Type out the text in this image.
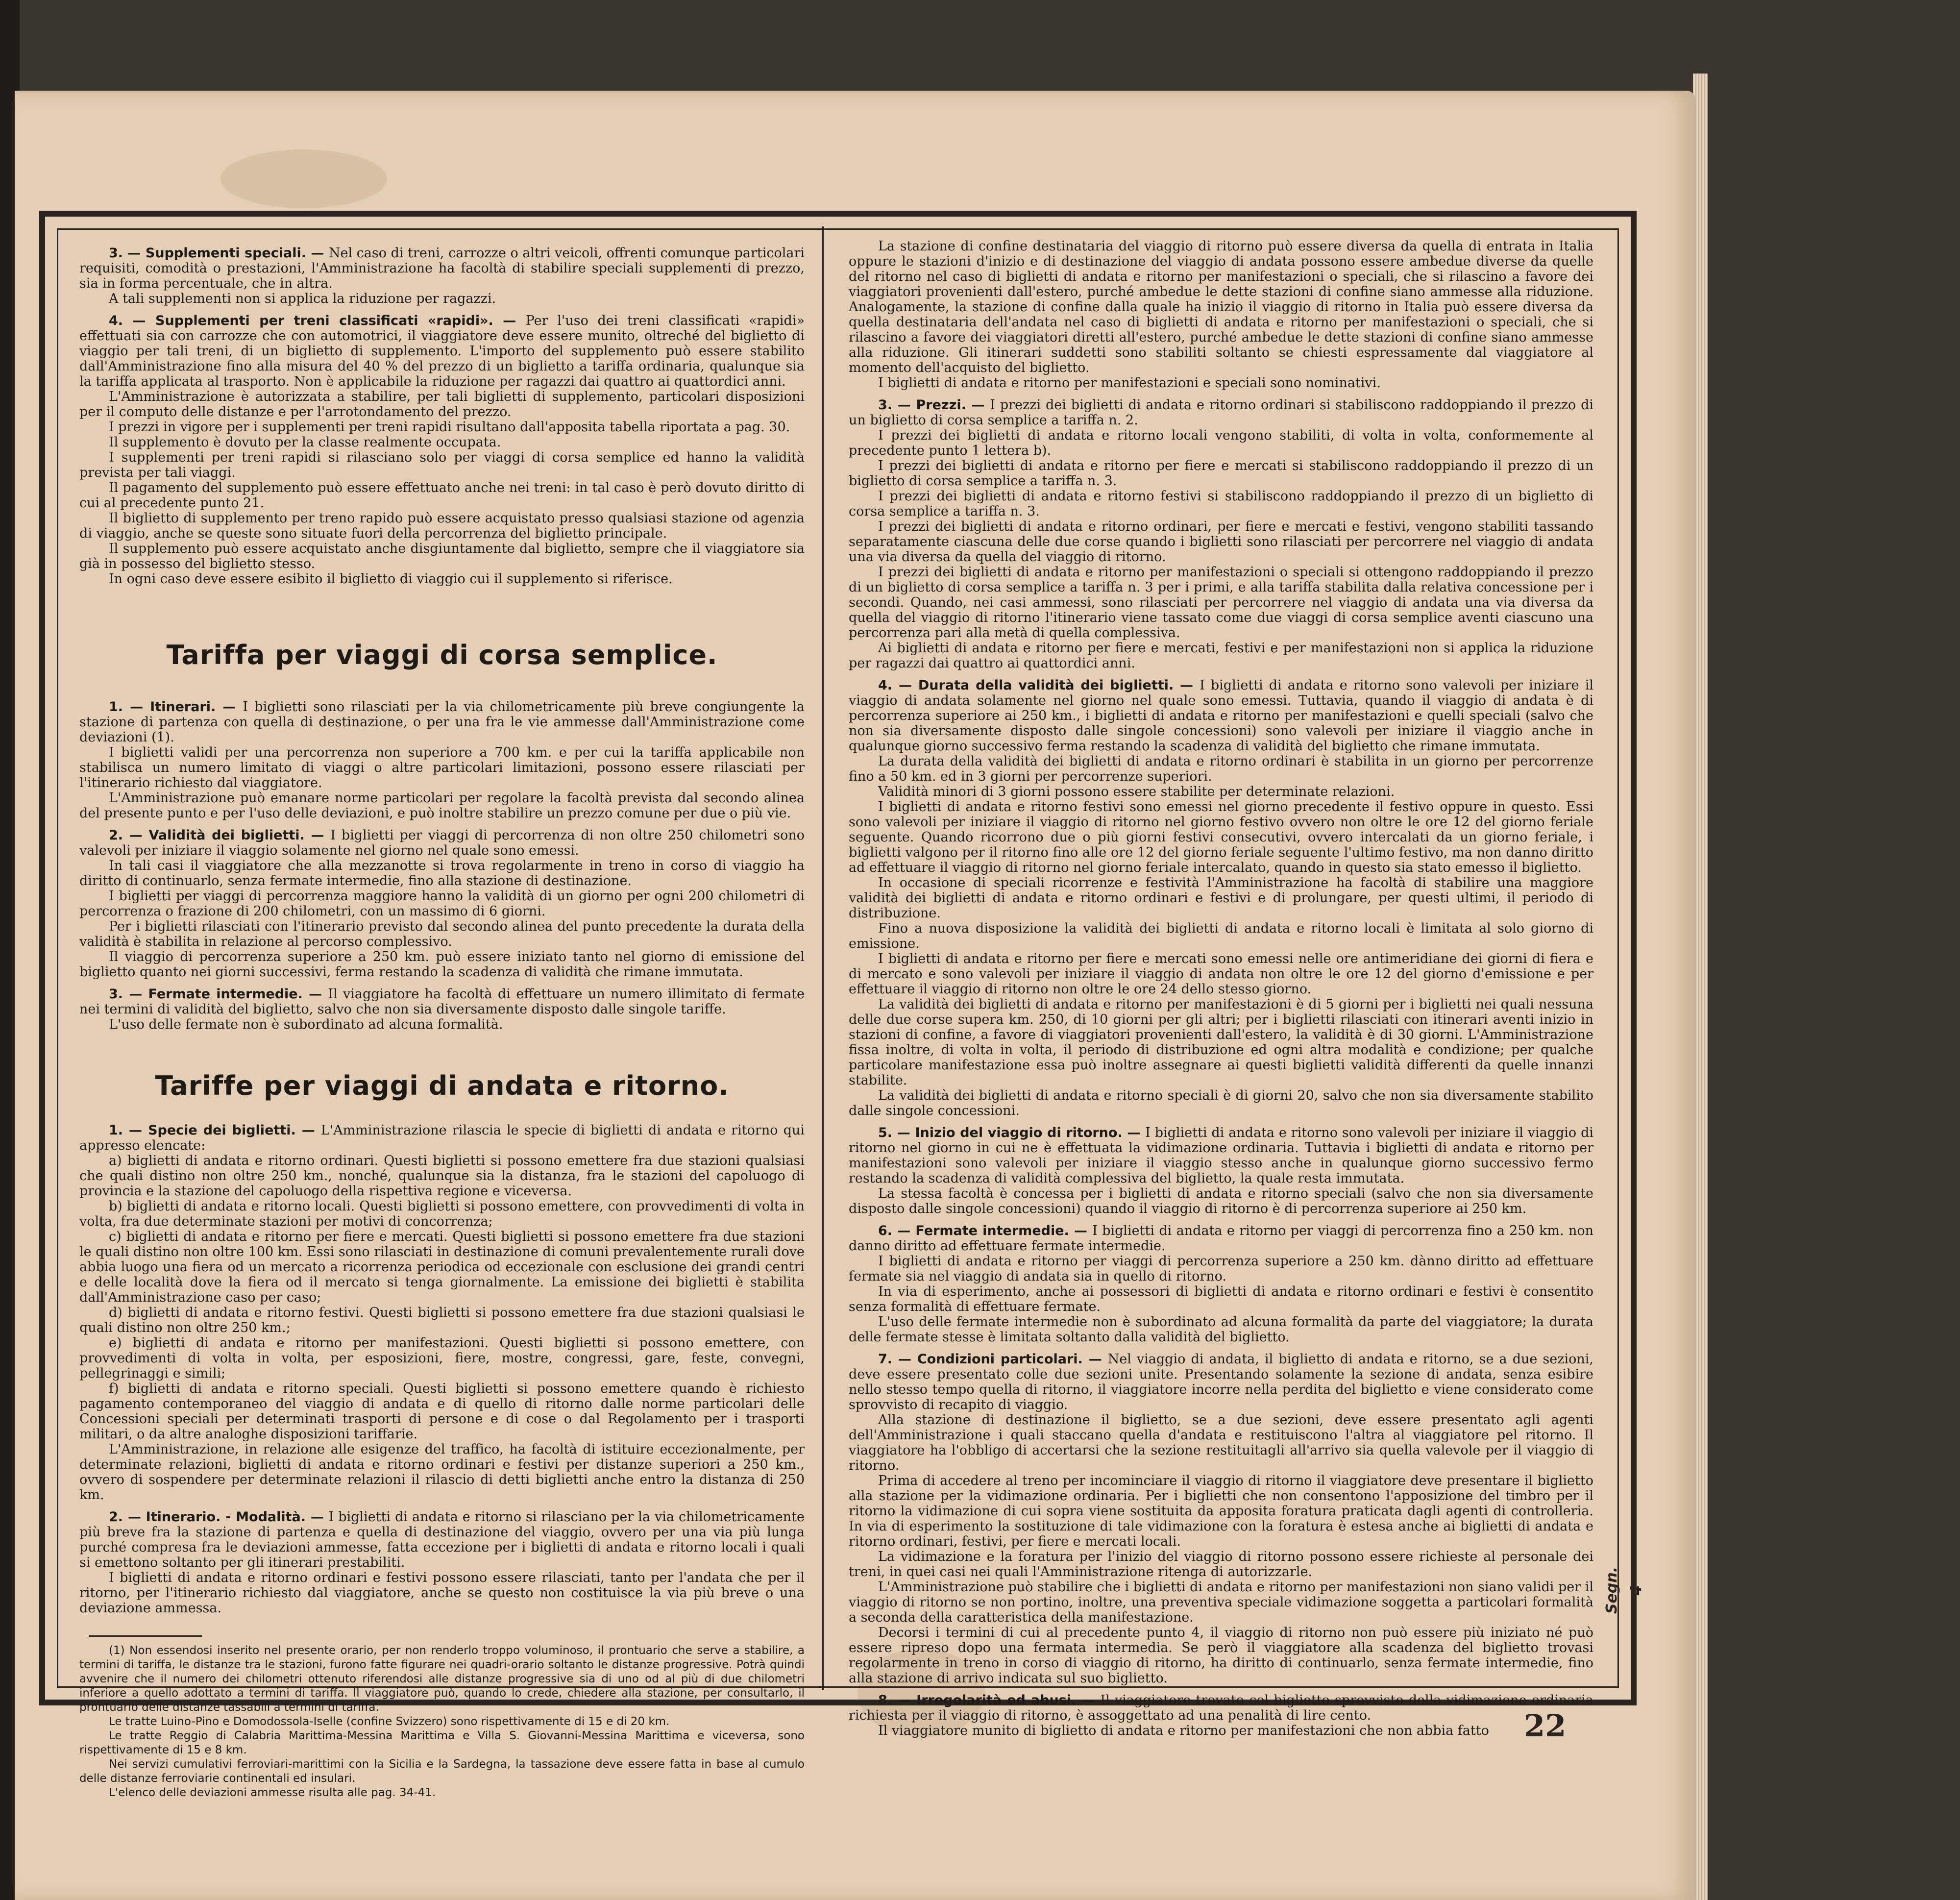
3. — Supplementi speciali. — Nel caso di treni, carrozze o altri veicoli, offrenti comunque particolari requisiti, comodità o prestazioni, l'Amministrazione ha facoltà di stabilire speciali supplementi di prezzo, sia in forma percentuale, che in altra.

A tali supplementi non si applica la riduzione per ragazzi.

4. — Supplementi per treni classificati «rapidi». — Per l'uso dei treni classificati «rapidi» effettuati sia con carrozze che con automotrici, il viaggiatore deve essere munito, oltreché del biglietto di viaggio per tali treni, di un biglietto di supplemento. L'importo del supplemento può essere stabilito dall'Amministrazione fino alla misura del 40 % del prezzo di un biglietto a tariffa ordinaria, qualunque sia la tariffa applicata al trasporto. Non è applicabile la riduzione per ragazzi dai quattro ai quattordici anni.

L'Amministrazione è autorizzata a stabilire, per tali biglietti di supplemento, particolari disposizioni per il computo delle distanze e per l'arrotondamento del prezzo.

I prezzi in vigore per i supplementi per treni rapidi risultano dall'apposita tabella riportata a pag. 30.

Il supplemento è dovuto per la classe realmente occupata.

I supplementi per treni rapidi si rilasciano solo per viaggi di corsa semplice ed hanno la validità prevista per tali viaggi.

Il pagamento del supplemento può essere effettuato anche nei treni: in tal caso è però dovuto diritto di cui al precedente punto 21.

Il biglietto di supplemento per treno rapido può essere acquistato presso qualsiasi stazione od agenzia di viaggio, anche se queste sono situate fuori della percorrenza del biglietto principale.

Il supplemento può essere acquistato anche disgiuntamente dal biglietto, sempre che il viaggiatore sia già in possesso del biglietto stesso.

In ogni caso deve essere esibito il biglietto di viaggio cui il supplemento si riferisce.

Tariffa per viaggi di corsa semplice.

1. — Itinerari. — I biglietti sono rilasciati per la via chilometricamente più breve congiungente la stazione di partenza con quella di destinazione, o per una fra le vie ammesse dall'Amministrazione come deviazioni (1).

I biglietti validi per una percorrenza non superiore a 700 km. e per cui la tariffa applicabile non stabilisca un numero limitato di viaggi o altre particolari limitazioni, possono essere rilasciati per l'itinerario richiesto dal viaggiatore.

L'Amministrazione può emanare norme particolari per regolare la facoltà prevista dal secondo alinea del presente punto e per l'uso delle deviazioni, e può inoltre stabilire un prezzo comune per due o più vie.

2. — Validità dei biglietti. — I biglietti per viaggi di percorrenza di non oltre 250 chilometri sono valevoli per iniziare il viaggio solamente nel giorno nel quale sono emessi.

In tali casi il viaggiatore che alla mezzanotte si trova regolarmente in treno in corso di viaggio ha diritto di continuarlo, senza fermate intermedie, fino alla stazione di destinazione.

I biglietti per viaggi di percorrenza maggiore hanno la validità di un giorno per ogni 200 chilometri di percorrenza o frazione di 200 chilometri, con un massimo di 6 giorni.

Per i biglietti rilasciati con l'itinerario previsto dal secondo alinea del punto precedente la durata della validità è stabilita in relazione al percorso complessivo.

Il viaggio di percorrenza superiore a 250 km. può essere iniziato tanto nel giorno di emissione del biglietto quanto nei giorni successivi, ferma restando la scadenza di validità che rimane immutata.

3. — Fermate intermedie. — Il viaggiatore ha facoltà di effettuare un numero illimitato di fermate nei termini di validità del biglietto, salvo che non sia diversamente disposto dalle singole tariffe.

L'uso delle fermate non è subordinato ad alcuna formalità.

Tariffe per viaggi di andata e ritorno.

1. — Specie dei biglietti. — L'Amministrazione rilascia le specie di biglietti di andata e ritorno qui appresso elencate:

a) biglietti di andata e ritorno ordinari. Questi biglietti si possono emettere fra due stazioni qualsiasi che quali distino non oltre 250 km., nonché, qualunque sia la distanza, fra le stazioni del capoluogo di provincia e la stazione del capoluogo della rispettiva regione e viceversa.

b) biglietti di andata e ritorno locali. Questi biglietti si possono emettere, con provvedimenti di volta in volta, fra due determinate stazioni per motivi di concorrenza;

c) biglietti di andata e ritorno per fiere e mercati. Questi biglietti si possono emettere fra due stazioni le quali distino non oltre 100 km. Essi sono rilasciati in destinazione di comuni prevalentemente rurali dove abbia luogo una fiera od un mercato a ricorrenza periodica od eccezionale con esclusione dei grandi centri e delle località dove la fiera od il mercato si tenga giornalmente. La emissione dei biglietti è stabilita dall'Amministrazione caso per caso;

d) biglietti di andata e ritorno festivi. Questi biglietti si possono emettere fra due stazioni qualsiasi le quali distino non oltre 250 km.;

e) biglietti di andata e ritorno per manifestazioni. Questi biglietti si possono emettere, con provvedimenti di volta in volta, per esposizioni, fiere, mostre, congressi, gare, feste, convegni, pellegrinaggi e simili;

f) biglietti di andata e ritorno speciali. Questi biglietti si possono emettere quando è richiesto pagamento contemporaneo del viaggio di andata e di quello di ritorno dalle norme particolari delle Concessioni speciali per determinati trasporti di persone e di cose o dal Regolamento per i trasporti militari, o da altre analoghe disposizioni tariffarie.

L'Amministrazione, in relazione alle esigenze del traffico, ha facoltà di istituire eccezionalmente, per determinate relazioni, biglietti di andata e ritorno ordinari e festivi per distanze superiori a 250 km., ovvero di sospendere per determinate relazioni il rilascio di detti biglietti anche entro la distanza di 250 km.

2. — Itinerario. - Modalità. — I biglietti di andata e ritorno si rilasciano per la via chilometricamente più breve fra la stazione di partenza e quella di destinazione del viaggio, ovvero per una via più lunga purché compresa fra le deviazioni ammesse, fatta eccezione per i biglietti di andata e ritorno locali i quali si emettono soltanto per gli itinerari prestabiliti.

I biglietti di andata e ritorno ordinari e festivi possono essere rilasciati, tanto per l'andata che per il ritorno, per l'itinerario richiesto dal viaggiatore, anche se questo non costituisce la via più breve o una deviazione ammessa.

(1) Non essendosi inserito nel presente orario, per non renderlo troppo voluminoso, il prontuario che serve a stabilire, a termini di tariffa, le distanze tra le stazioni, furono fatte figurare nei quadri-orario soltanto le distanze progressive. Potrà quindi avvenire che il numero dei chilometri ottenuto riferendosi alle distanze progressive sia di uno od al più di due chilometri inferiore a quello adottato a termini di tariffa. Il viaggiatore può, quando lo crede, chiedere alla stazione, per consultarlo, il prontuario delle distanze tassabili a termini di tariffa.

Le tratte Luino-Pino e Domodossola-Iselle (confine Svizzero) sono rispettivamente di 15 e di 20 km.

Le tratte Reggio di Calabria Marittima-Messina Marittima e Villa S. Giovanni-Messina Marittima e viceversa, sono rispettivamente di 15 e 8 km.

Nei servizi cumulativi ferroviari-marittimi con la Sicilia e la Sardegna, la tassazione deve essere fatta in base al cumulo delle distanze ferroviarie continentali ed insulari.

L'elenco delle deviazioni ammesse risulta alle pag. 34-41.

La stazione di confine destinataria del viaggio di ritorno può essere diversa da quella di entrata in Italia oppure le stazioni d'inizio e di destinazione del viaggio di andata possono essere ambedue diverse da quelle del ritorno nel caso di biglietti di andata e ritorno per manifestazioni o speciali, che si rilascino a favore dei viaggiatori provenienti dall'estero, purché ambedue le dette stazioni di confine siano ammesse alla riduzione. Analogamente, la stazione di confine dalla quale ha inizio il viaggio di ritorno in Italia può essere diversa da quella destinataria dell'andata nel caso di biglietti di andata e ritorno per manifestazioni o speciali, che si rilascino a favore dei viaggiatori diretti all'estero, purché ambedue le dette stazioni di confine siano ammesse alla riduzione. Gli itinerari suddetti sono stabiliti soltanto se chiesti espressamente dal viaggiatore al momento dell'acquisto del biglietto.

I biglietti di andata e ritorno per manifestazioni e speciali sono nominativi.

3. — Prezzi. — I prezzi dei biglietti di andata e ritorno ordinari si stabiliscono raddoppiando il prezzo di un biglietto di corsa semplice a tariffa n. 2.

I prezzi dei biglietti di andata e ritorno locali vengono stabiliti, di volta in volta, conformemente al precedente punto 1 lettera b).

I prezzi dei biglietti di andata e ritorno per fiere e mercati si stabiliscono raddoppiando il prezzo di un biglietto di corsa semplice a tariffa n. 3.

I prezzi dei biglietti di andata e ritorno festivi si stabiliscono raddoppiando il prezzo di un biglietto di corsa semplice a tariffa n. 3.

I prezzi dei biglietti di andata e ritorno ordinari, per fiere e mercati e festivi, vengono stabiliti tassando separatamente ciascuna delle due corse quando i biglietti sono rilasciati per percorrere nel viaggio di andata una via diversa da quella del viaggio di ritorno.

I prezzi dei biglietti di andata e ritorno per manifestazioni o speciali si ottengono raddoppiando il prezzo di un biglietto di corsa semplice a tariffa n. 3 per i primi, e alla tariffa stabilita dalla relativa concessione per i secondi. Quando, nei casi ammessi, sono rilasciati per percorrere nel viaggio di andata una via diversa da quella del viaggio di ritorno l'itinerario viene tassato come due viaggi di corsa semplice aventi ciascuno una percorrenza pari alla metà di quella complessiva.

Ai biglietti di andata e ritorno per fiere e mercati, festivi e per manifestazioni non si applica la riduzione per ragazzi dai quattro ai quattordici anni.

4. — Durata della validità dei biglietti. — I biglietti di andata e ritorno sono valevoli per iniziare il viaggio di andata solamente nel giorno nel quale sono emessi. Tuttavia, quando il viaggio di andata è di percorrenza superiore ai 250 km., i biglietti di andata e ritorno per manifestazioni e quelli speciali (salvo che non sia diversamente disposto dalle singole concessioni) sono valevoli per iniziare il viaggio anche in qualunque giorno successivo ferma restando la scadenza di validità del biglietto che rimane immutata.

La durata della validità dei biglietti di andata e ritorno ordinari è stabilita in un giorno per percorrenze fino a 50 km. ed in 3 giorni per percorrenze superiori.

Validità minori di 3 giorni possono essere stabilite per determinate relazioni.

I biglietti di andata e ritorno festivi sono emessi nel giorno precedente il festivo oppure in questo. Essi sono valevoli per iniziare il viaggio di ritorno nel giorno festivo ovvero non oltre le ore 12 del giorno feriale seguente. Quando ricorrono due o più giorni festivi consecutivi, ovvero intercalati da un giorno feriale, i biglietti valgono per il ritorno fino alle ore 12 del giorno feriale seguente l'ultimo festivo, ma non danno diritto ad effettuare il viaggio di ritorno nel giorno feriale intercalato, quando in questo sia stato emesso il biglietto.

In occasione di speciali ricorrenze e festività l'Amministrazione ha facoltà di stabilire una maggiore validità dei biglietti di andata e ritorno ordinari e festivi e di prolungare, per questi ultimi, il periodo di distribuzione.

Fino a nuova disposizione la validità dei biglietti di andata e ritorno locali è limitata al solo giorno di emissione.

I biglietti di andata e ritorno per fiere e mercati sono emessi nelle ore antimeridiane dei giorni di fiera e di mercato e sono valevoli per iniziare il viaggio di andata non oltre le ore 12 del giorno d'emissione e per effettuare il viaggio di ritorno non oltre le ore 24 dello stesso giorno.

La validità dei biglietti di andata e ritorno per manifestazioni è di 5 giorni per i biglietti nei quali nessuna delle due corse supera km. 250, di 10 giorni per gli altri; per i biglietti rilasciati con itinerari aventi inizio in stazioni di confine, a favore di viaggiatori provenienti dall'estero, la validità è di 30 giorni. L'Amministrazione fissa inoltre, di volta in volta, il periodo di distribuzione ed ogni altra modalità e condizione; per qualche particolare manifestazione essa può inoltre assegnare ai questi biglietti validità differenti da quelle innanzi stabilite.

La validità dei biglietti di andata e ritorno speciali è di giorni 20, salvo che non sia diversamente stabilito dalle singole concessioni.

5. — Inizio del viaggio di ritorno. — I biglietti di andata e ritorno sono valevoli per iniziare il viaggio di ritorno nel giorno in cui ne è effettuata la vidimazione ordinaria. Tuttavia i biglietti di andata e ritorno per manifestazioni sono valevoli per iniziare il viaggio stesso anche in qualunque giorno successivo fermo restando la scadenza di validità complessiva del biglietto, la quale resta immutata.

La stessa facoltà è concessa per i biglietti di andata e ritorno speciali (salvo che non sia diversamente disposto dalle singole concessioni) quando il viaggio di ritorno è di percorrenza superiore ai 250 km.

6. — Fermate intermedie. — I biglietti di andata e ritorno per viaggi di percorrenza fino a 250 km. non danno diritto ad effettuare fermate intermedie.

I biglietti di andata e ritorno per viaggi di percorrenza superiore a 250 km. dànno diritto ad effettuare fermate sia nel viaggio di andata sia in quello di ritorno.

In via di esperimento, anche ai possessori di biglietti di andata e ritorno ordinari e festivi è consentito senza formalità di effettuare fermate.

L'uso delle fermate intermedie non è subordinato ad alcuna formalità da parte del viaggiatore; la durata delle fermate stesse è limitata soltanto dalla validità del biglietto.

7. — Condizioni particolari. — Nel viaggio di andata, il biglietto di andata e ritorno, se a due sezioni, deve essere presentato colle due sezioni unite. Presentando solamente la sezione di andata, senza esibire nello stesso tempo quella di ritorno, il viaggiatore incorre nella perdita del biglietto e viene considerato come sprovvisto di recapito di viaggio.

Alla stazione di destinazione il biglietto, se a due sezioni, deve essere presentato agli agenti dell'Amministrazione i quali staccano quella d'andata e restituiscono l'altra al viaggiatore pel ritorno. Il viaggiatore ha l'obbligo di accertarsi che la sezione restituitagli all'arrivo sia quella valevole per il viaggio di ritorno.

Prima di accedere al treno per incominciare il viaggio di ritorno il viaggiatore deve presentare il biglietto alla stazione per la vidimazione ordinaria. Per i biglietti che non consentono l'apposizione del timbro per il ritorno la vidimazione di cui sopra viene sostituita da apposita foratura praticata dagli agenti di controlleria. In via di esperimento la sostituzione di tale vidimazione con la foratura è estesa anche ai biglietti di andata e ritorno ordinari, festivi, per fiere e mercati locali.

La vidimazione e la foratura per l'inizio del viaggio di ritorno possono essere richieste al personale dei treni, in quei casi nei quali l'Amministrazione ritenga di autorizzarle.

L'Amministrazione può stabilire che i biglietti di andata e ritorno per manifestazioni non siano validi per il viaggio di ritorno se non portino, inoltre, una preventiva speciale vidimazione soggetta a particolari formalità a seconda della caratteristica della manifestazione.

Decorsi i termini di cui al precedente punto 4, il viaggio di ritorno non può essere più iniziato né può essere ripreso dopo una fermata intermedia. Se però il viaggiatore alla scadenza del biglietto trovasi regolarmente in treno in corso di viaggio di ritorno, ha diritto di continuarlo, senza fermate intermedie, fino alla stazione di arrivo indicata sul suo biglietto.

8. — Irregolarità ed abusi. — Il viaggiatore trovato col biglietto sprovvisto della vidimazione ordinaria richiesta per il viaggio di ritorno, è assoggettato ad una penalità di lire cento.

Il viaggiatore munito di biglietto di andata e ritorno per manifestazioni che non abbia fatto

Segn. 4
22
